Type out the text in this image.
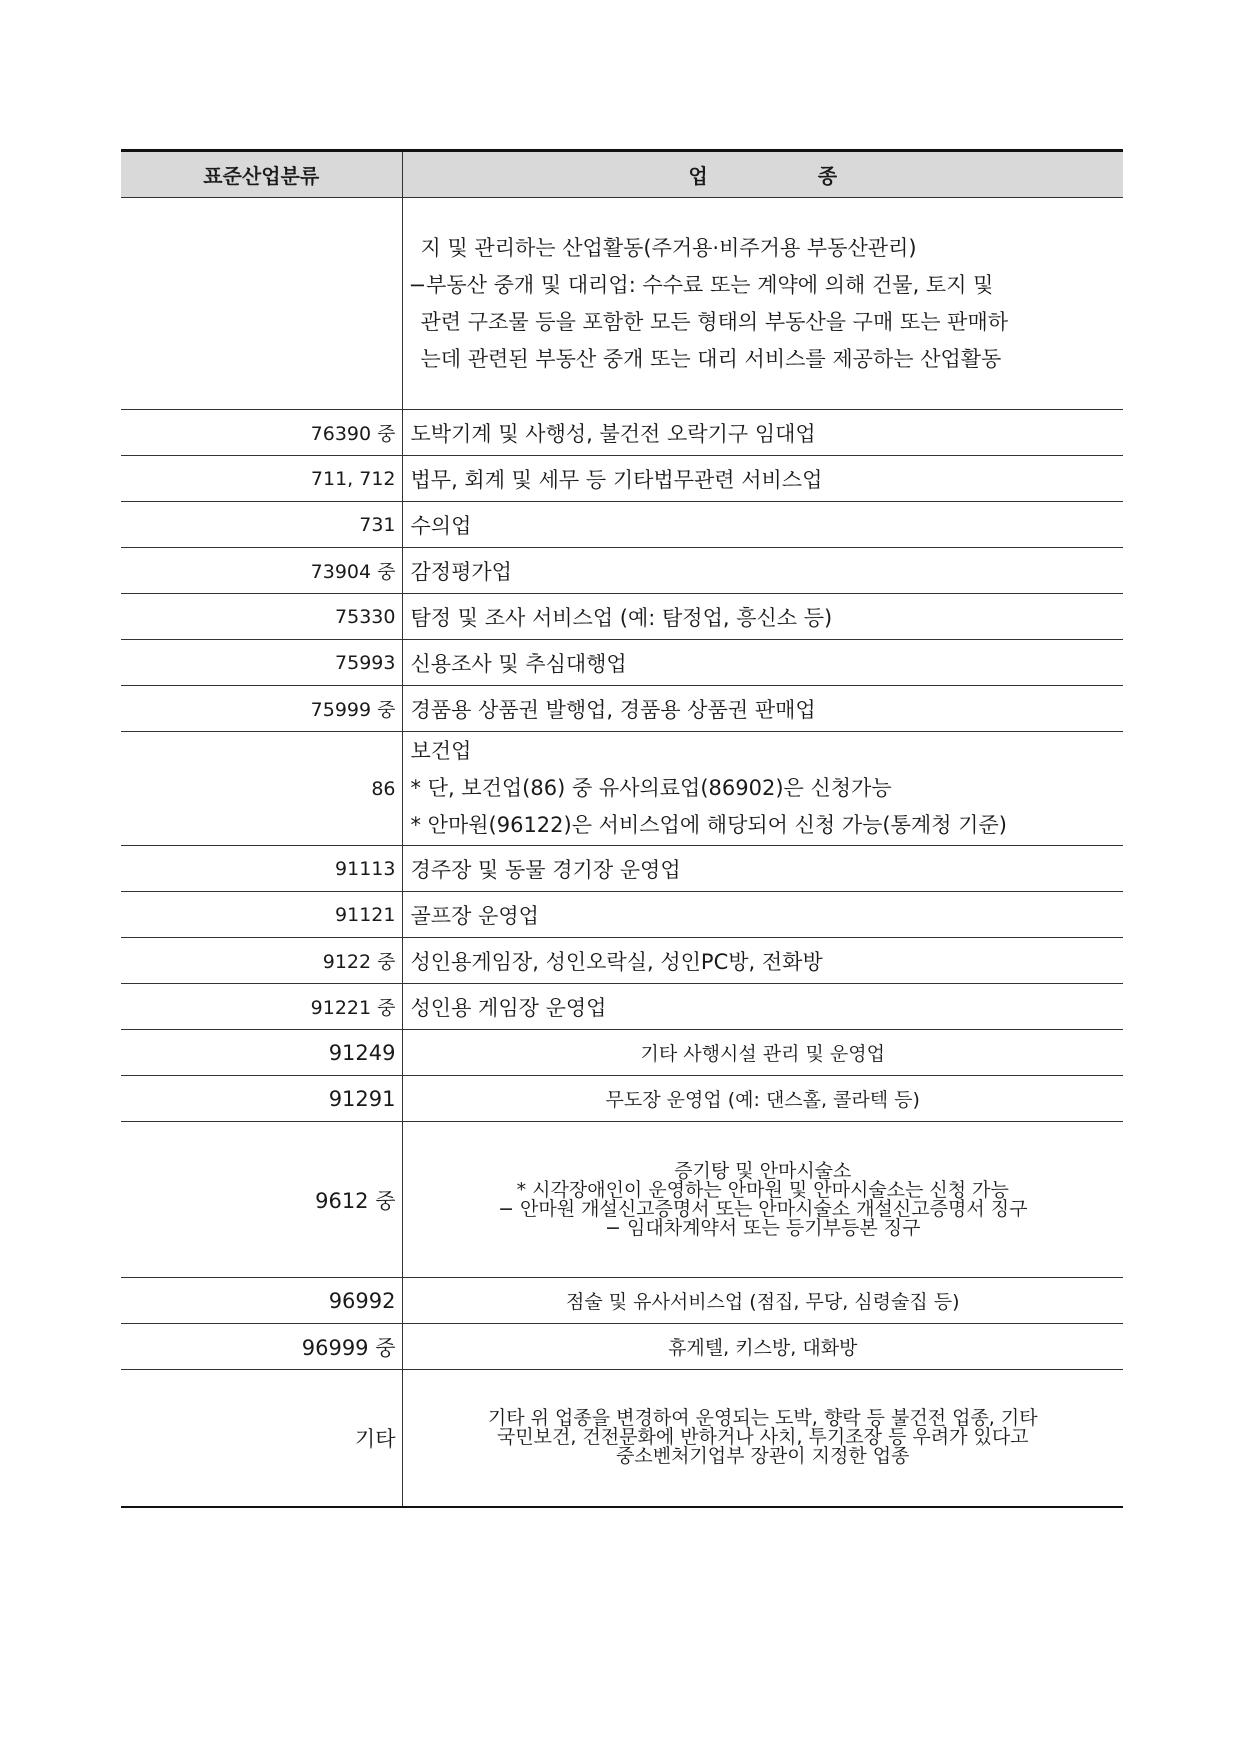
표준산업분류	업종

	지 및 관리하는 산업활동(주거용·비주거용 부동산관리)
−부동산 중개 및 대리업: 수수료 또는 계약에 의해 건물, 토지 및
관련 구조물 등을 포함한 모든 형태의 부동산을 구매 또는 판매하
는데 관련된 부동산 중개 또는 대리 서비스를 제공하는 산업활동

76390 중	도박기계 및 사행성, 불건전 오락기구 임대업
711, 712	법무, 회계 및 세무 등 기타법무관련 서비스업
731	수의업
73904 중	감정평가업
75330	탐정 및 조사 서비스업 (예: 탐정업, 흥신소 등)
75993	신용조사 및 추심대행업
75999 중	경품용 상품권 발행업, 경품용 상품권 판매업
86	보건업
* 단, 보건업(86) 중 유사의료업(86902)은 신청가능
* 안마원(96122)은 서비스업에 해당되어 신청 가능(통계청 기준)

91113	경주장 및 동물 경기장 운영업
91121	골프장 운영업
9122 중	성인용게임장, 성인오락실, 성인PC방, 전화방
91221 중	성인용 게임장 운영업
91249	기타 사행시설 관리 및 운영업
91291	무도장 운영업 (예: 댄스홀, 콜라텍 등)
9612 중	증기탕 및 안마시술소
* 시각장애인이 운영하는 안마원 및 안마시술소는 신청 가능
− 안마원 개설신고증명서 또는 안마시술소 개설신고증명서 징구
− 임대차계약서 또는 등기부등본 징구

96992	점술 및 유사서비스업 (점집, 무당, 심령술집 등)
96999 중	휴게텔, 키스방, 대화방
기타	기타 위 업종을 변경하여 운영되는 도박, 향락 등 불건전 업종, 기타
국민보건, 건전문화에 반하거나 사치, 투기조장 등 우려가 있다고
중소벤처기업부 장관이 지정한 업종
